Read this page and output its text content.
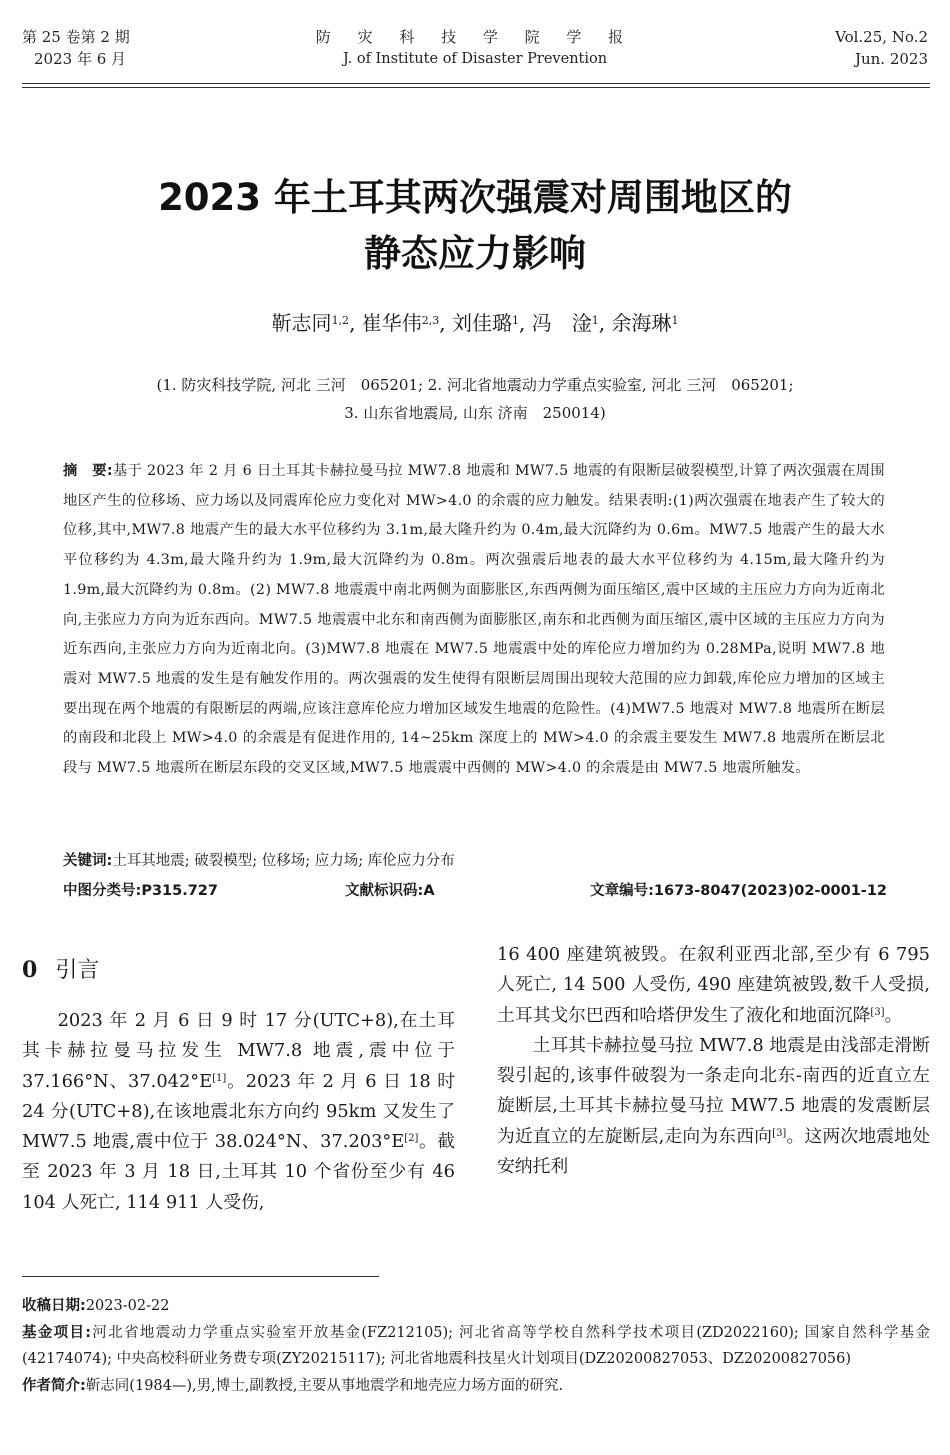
第 25 卷第 2 期
2023 年 6 月
防 灾 科 技 学 院 学 报
J. of Institute of Disaster Prevention
Vol.25, No.2
Jun. 2023
2023 年土耳其两次强震对周围地区的
静态应力影响
靳志同$^{1,2}$, 崔华伟$^{2,3}$, 刘佳璐$^1$, 冯　淦$^1$, 余海琳$^1$
(1. 防灾科技学院, 河北 三河　065201; 2. 河北省地震动力学重点实验室, 河北 三河　065201;
3. 山东省地震局, 山东 济南　250014)
摘　要:基于 2023 年 2 月 6 日土耳其卡赫拉曼马拉 MW7.8 地震和 MW7.5 地震的有限断层破裂模型,计算了两次强震在周围地区产生的位移场、应力场以及同震库伦应力变化对 MW>4.0 的余震的应力触发。结果表明:(1)两次强震在地表产生了较大的位移,其中,MW7.8 地震产生的最大水平位移约为 3.1m,最大隆升约为 0.4m,最大沉降约为 0.6m。MW7.5 地震产生的最大水平位移约为 4.3m,最大隆升约为 1.9m,最大沉降约为 0.8m。两次强震后地表的最大水平位移约为 4.15m,最大隆升约为 1.9m,最大沉降约为 0.8m。(2) MW7.8 地震震中南北两侧为面膨胀区,东西两侧为面压缩区,震中区域的主压应力方向为近南北向,主张应力方向为近东西向。MW7.5 地震震中北东和南西侧为面膨胀区,南东和北西侧为面压缩区,震中区域的主压应力方向为近东西向,主张应力方向为近南北向。(3)MW7.8 地震在 MW7.5 地震震中处的库伦应力增加约为 0.28MPa,说明 MW7.8 地震对 MW7.5 地震的发生是有触发作用的。两次强震的发生使得有限断层周围出现较大范围的应力卸载,库伦应力增加的区域主要出现在两个地震的有限断层的两端,应该注意库伦应力增加区域发生地震的危险性。(4)MW7.5 地震对 MW7.8 地震所在断层的南段和北段上 MW>4.0 的余震是有促进作用的, 14~25km 深度上的 MW>4.0 的余震主要发生 MW7.8 地震所在断层北段与 MW7.5 地震所在断层东段的交叉区域,MW7.5 地震震中西侧的 MW>4.0 的余震是由 MW7.5 地震所触发。
关键词:土耳其地震; 破裂模型; 位移场; 应力场; 库伦应力分布
中图分类号:P315.727	文献标识码:A	文章编号:1673-8047(2023)02-0001-12
0 引言

2023 年 2 月 6 日 9 时 17 分(UTC+8),在土耳其卡赫拉曼马拉发生 MW7.8 地震,震中位于 37.166°N、37.042°E[1]。2023 年 2 月 6 日 18 时 24 分(UTC+8),在该地震北东方向约 95km 又发生了 MW7.5 地震,震中位于 38.024°N、37.203°E[2]。截至 2023 年 3 月 18 日,土耳其 10 个省份至少有 46 104 人死亡, 114 911 人受伤,

16 400 座建筑被毁。在叙利亚西北部,至少有 6 795 人死亡, 14 500 人受伤, 490 座建筑被毁,数千人受损,土耳其戈尔巴西和哈塔伊发生了液化和地面沉降[3]。

土耳其卡赫拉曼马拉 MW7.8 地震是由浅部走滑断裂引起的,该事件破裂为一条走向北东-南西的近直立左旋断层,土耳其卡赫拉曼马拉 MW7.5 地震的发震断层为近直立的左旋断层,走向为东西向[3]。这两次地震地处安纳托利

收稿日期:2023-02-22

基金项目:河北省地震动力学重点实验室开放基金(FZ212105); 河北省高等学校自然科学技术项目(ZD2022160); 国家自然科学基金(42174074); 中央高校科研业务费专项(ZY20215117); 河北省地震科技星火计划项目(DZ20200827053、DZ20200827056)

作者简介:靳志同(1984—),男,博士,副教授,主要从事地震学和地壳应力场方面的研究.
